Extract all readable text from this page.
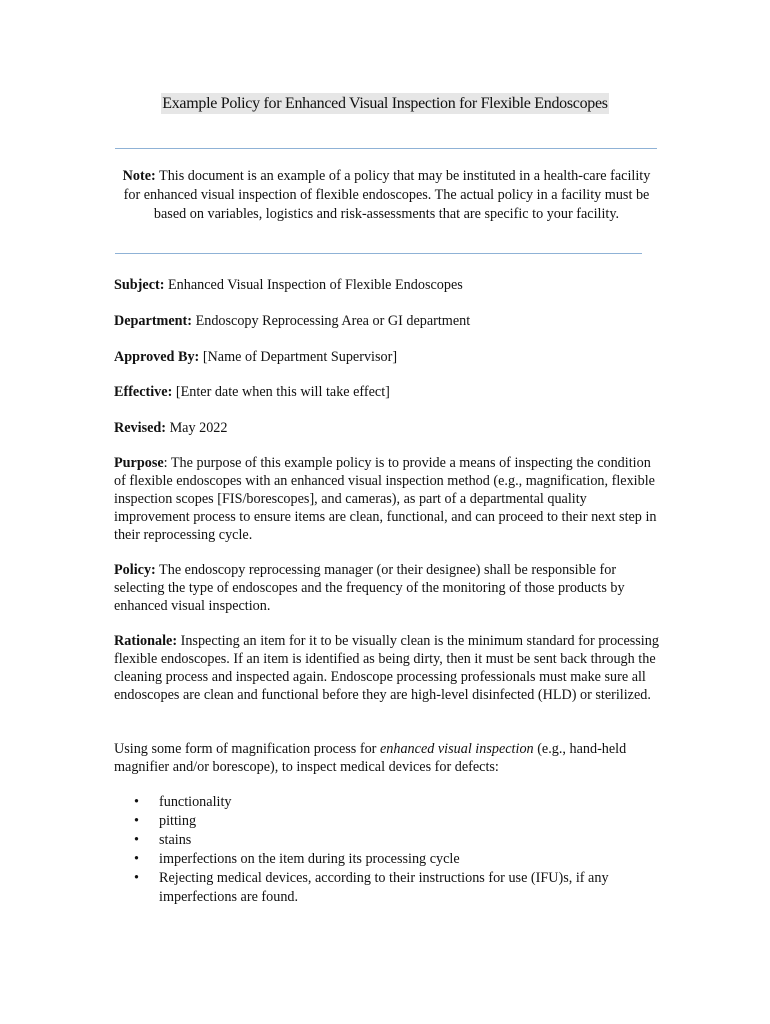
Example Policy for Enhanced Visual Inspection for Flexible Endoscopes
Note: This document is an example of a policy that may be instituted in a health-care facility for enhanced visual inspection of flexible endoscopes. The actual policy in a facility must be based on variables, logistics and risk-assessments that are specific to your facility.
Subject: Enhanced Visual Inspection of Flexible Endoscopes
Department: Endoscopy Reprocessing Area or GI department
Approved By: [Name of Department Supervisor]
Effective: [Enter date when this will take effect]
Revised: May 2022
Purpose: The purpose of this example policy is to provide a means of inspecting the condition of flexible endoscopes with an enhanced visual inspection method (e.g., magnification, flexible inspection scopes [FIS/borescopes], and cameras), as part of a departmental quality improvement process to ensure items are clean, functional, and can proceed to their next step in their reprocessing cycle.
Policy: The endoscopy reprocessing manager (or their designee) shall be responsible for selecting the type of endoscopes and the frequency of the monitoring of those products by enhanced visual inspection.
Rationale: Inspecting an item for it to be visually clean is the minimum standard for processing flexible endoscopes. If an item is identified as being dirty, then it must be sent back through the cleaning process and inspected again. Endoscope processing professionals must make sure all endoscopes are clean and functional before they are high-level disinfected (HLD) or sterilized.
Using some form of magnification process for enhanced visual inspection (e.g., hand-held magnifier and/or borescope), to inspect medical devices for defects:
• functionality
• pitting
• stains
• imperfections on the item during its processing cycle
• Rejecting medical devices, according to their instructions for use (IFU)s, if any imperfections are found.
